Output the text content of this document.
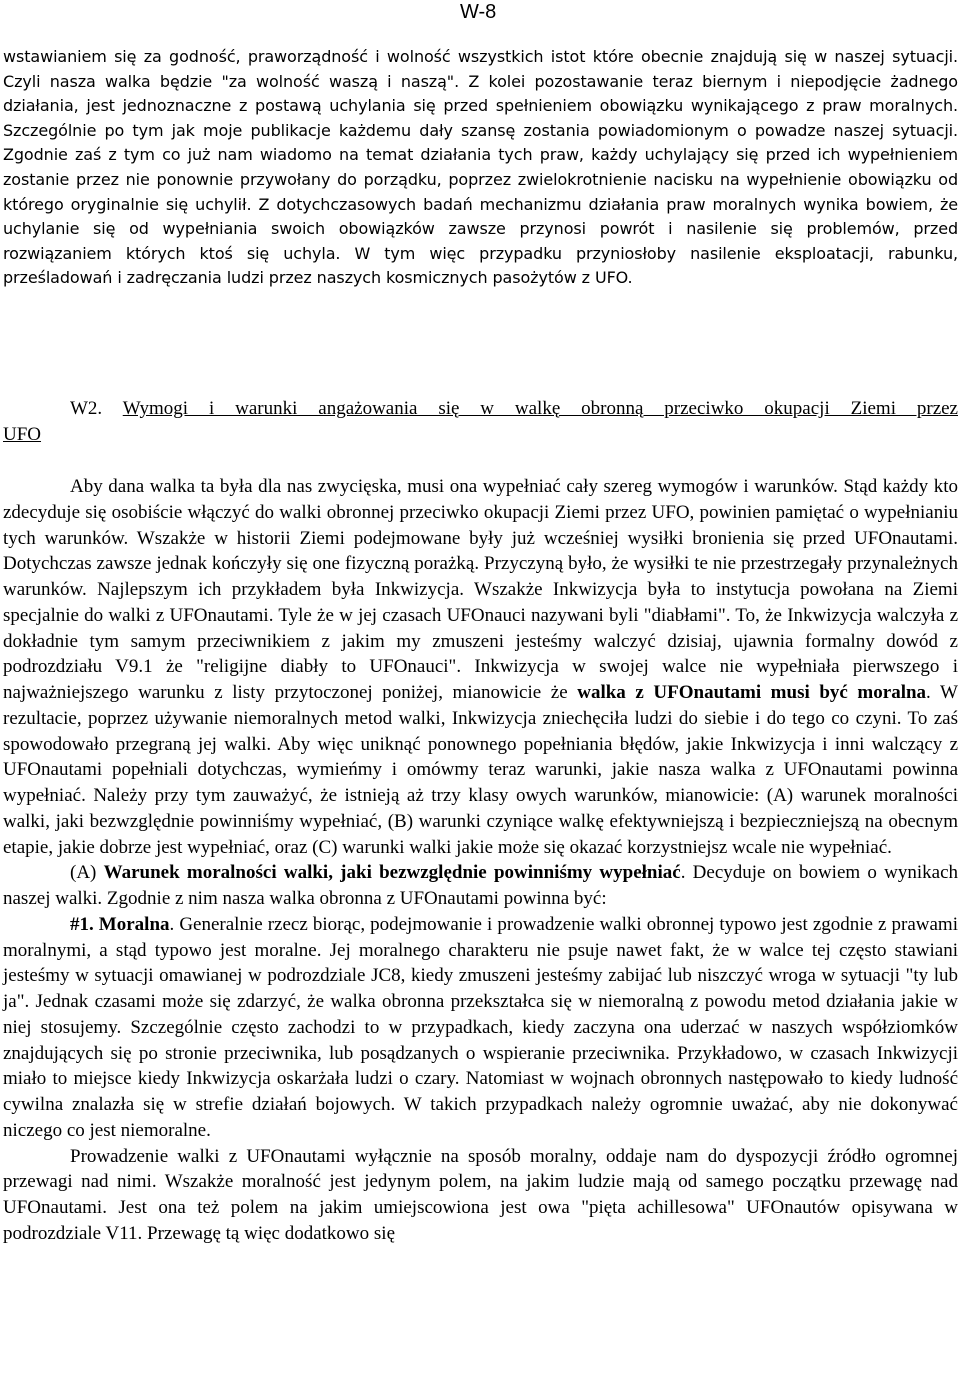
W-8

wstawianiem się za godność, praworządność i wolność wszystkich istot które obecnie znajdują się w naszej sytuacji. Czyli nasza walka będzie "za wolność waszą i naszą". Z kolei pozostawanie teraz biernym i niepodjęcie żadnego działania, jest jednoznaczne z postawą uchylania się przed spełnieniem obowiązku wynikającego z praw moralnych. Szczególnie po tym jak moje publikacje każdemu dały szansę zostania powiadomionym o powadze naszej sytuacji. Zgodnie zaś z tym co już nam wiadomo na temat działania tych praw, każdy uchylający się przed ich wypełnieniem zostanie przez nie ponownie przywołany do porządku, poprzez zwielokrotnienie nacisku na wypełnienie obowiązku od którego oryginalnie się uchylił. Z dotychczasowych badań mechanizmu działania praw moralnych wynika bowiem, że uchylanie się od wypełniania swoich obowiązków zawsze przynosi powrót i nasilenie się problemów, przed rozwiązaniem których ktoś się uchyla. W tym więc przypadku przyniosłoby nasilenie eksploatacji, rabunku, prześladowań i zadręczania ludzi przez naszych kosmicznych pasożytów z UFO.

W2. Wymogi i warunki angażowania się w walkę obronną przeciwko okupacji Ziemi przez
UFO

Aby dana walka ta była dla nas zwycięska, musi ona wypełniać cały szereg wymogów i warunków. Stąd każdy kto zdecyduje się osobiście włączyć do walki obronnej przeciwko okupacji Ziemi przez UFO, powinien pamiętać o wypełnianiu tych warunków. Wszakże w historii Ziemi podejmowane były już wcześniej wysiłki bronienia się przed UFOnautami. Dotychczas zawsze jednak kończyły się one fizyczną porażką. Przyczyną było, że wysiłki te nie przestrzegały przynależnych warunków. Najlepszym ich przykładem była Inkwizycja. Wszakże Inkwizycja była to instytucja powołana na Ziemi specjalnie do walki z UFOnautami. Tyle że w jej czasach UFOnauci nazywani byli "diabłami". To, że Inkwizycja walczyła z dokładnie tym samym przeciwnikiem z jakim my zmuszeni jesteśmy walczyć dzisiaj, ujawnia formalny dowód z podrozdziału V9.1 że "religijne diabły to UFOnauci". Inkwizycja w swojej walce nie wypełniała pierwszego i najważniejszego warunku z listy przytoczonej poniżej, mianowicie że walka z UFOnautami musi być moralna. W rezultacie, poprzez używanie niemoralnych metod walki, Inkwizycja zniechęciła ludzi do siebie i do tego co czyni. To zaś spowodowało przegraną jej walki. Aby więc uniknąć ponownego popełniania błędów, jakie Inkwizycja i inni walczący z UFOnautami popełniali dotychczas, wymieńmy i omówmy teraz warunki, jakie nasza walka z UFOnautami powinna wypełniać. Należy przy tym zauważyć, że istnieją aż trzy klasy owych warunków, mianowicie: (A) warunek moralności walki, jaki bezwzględnie powinniśmy wypełniać, (B) warunki czyniące walkę efektywniejszą i bezpieczniejszą na obecnym etapie, jakie dobrze jest wypełniać, oraz (C) warunki walki jakie może się okazać korzystniejsz wcale nie wypełniać.

(A) Warunek moralności walki, jaki bezwzględnie powinniśmy wypełniać. Decyduje on bowiem o wynikach naszej walki. Zgodnie z nim nasza walka obronna z UFOnautami powinna być:

#1. Moralna. Generalnie rzecz biorąc, podejmowanie i prowadzenie walki obronnej typowo jest zgodnie z prawami moralnymi, a stąd typowo jest moralne. Jej moralnego charakteru nie psuje nawet fakt, że w walce tej często stawiani jesteśmy w sytuacji omawianej w podrozdziale JC8, kiedy zmuszeni jesteśmy zabijać lub niszczyć wroga w sytuacji "ty lub ja". Jednak czasami może się zdarzyć, że walka obronna przekształca się w niemoralną z powodu metod działania jakie w niej stosujemy. Szczególnie często zachodzi to w przypadkach, kiedy zaczyna ona uderzać w naszych współziomków znajdujących się po stronie przeciwnika, lub posądzanych o wspieranie przeciwnika. Przykładowo, w czasach Inkwizycji miało to miejsce kiedy Inkwizycja oskarżała ludzi o czary. Natomiast w wojnach obronnych następowało to kiedy ludność cywilna znalazła się w strefie działań bojowych. W takich przypadkach należy ogromnie uważać, aby nie dokonywać niczego co jest niemoralne.

Prowadzenie walki z UFOnautami wyłącznie na sposób moralny, oddaje nam do dyspozycji źródło ogromnej przewagi nad nimi. Wszakże moralność jest jedynym polem, na jakim ludzie mają od samego początku przewagę nad UFOnautami. Jest ona też polem na jakim umiejscowiona jest owa "pięta achillesowa" UFOnautów opisywana w podrozdziale V11. Przewagę tą więc dodatkowo się
